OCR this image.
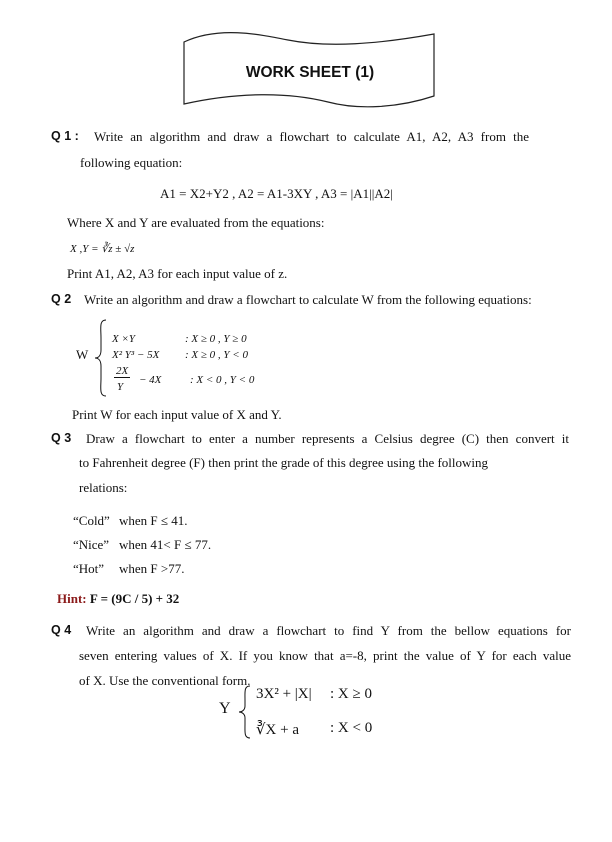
WORK SHEET (1)
Q 1 : Write an algorithm and draw a flowchart to calculate A1, A2, A3 from the
following equation:
A1 = X2+Y2 , A2 = A1-3XY , A3 = |A1||A2|
Where X and Y are evaluated from the equations:
X ,Y = ∛z ± √z
Print A1, A2, A3 for each input value of z.
Q 2 Write an algorithm and draw a flowchart to calculate W from the following equations:
W
X ×Y	: X ≥ 0 , Y ≥ 0
X² Y³ − 5X : X ≥ 0 , Y < 0
2X
Y
− 4X	: X < 0 , Y < 0
Print W for each input value of X and Y.
Q 3 Draw a flowchart to enter a number represents a Celsius degree (C) then convert it
to Fahrenheit degree (F) then print the grade of this degree using the following
relations:
“Cold” when F ≤ 41.
“Nice” when 41< F ≤ 77.
“Hot” when F >77.
Hint: F = (9C / 5) + 32
Q 4 Write an algorithm and draw a flowchart to find Y from the bellow equations for
seven entering values of X. If you know that a=-8, print the value of Y for each value
of X. Use the conventional form.
Y
3X² + |X| : X ≥ 0
∛X + a : X < 0
